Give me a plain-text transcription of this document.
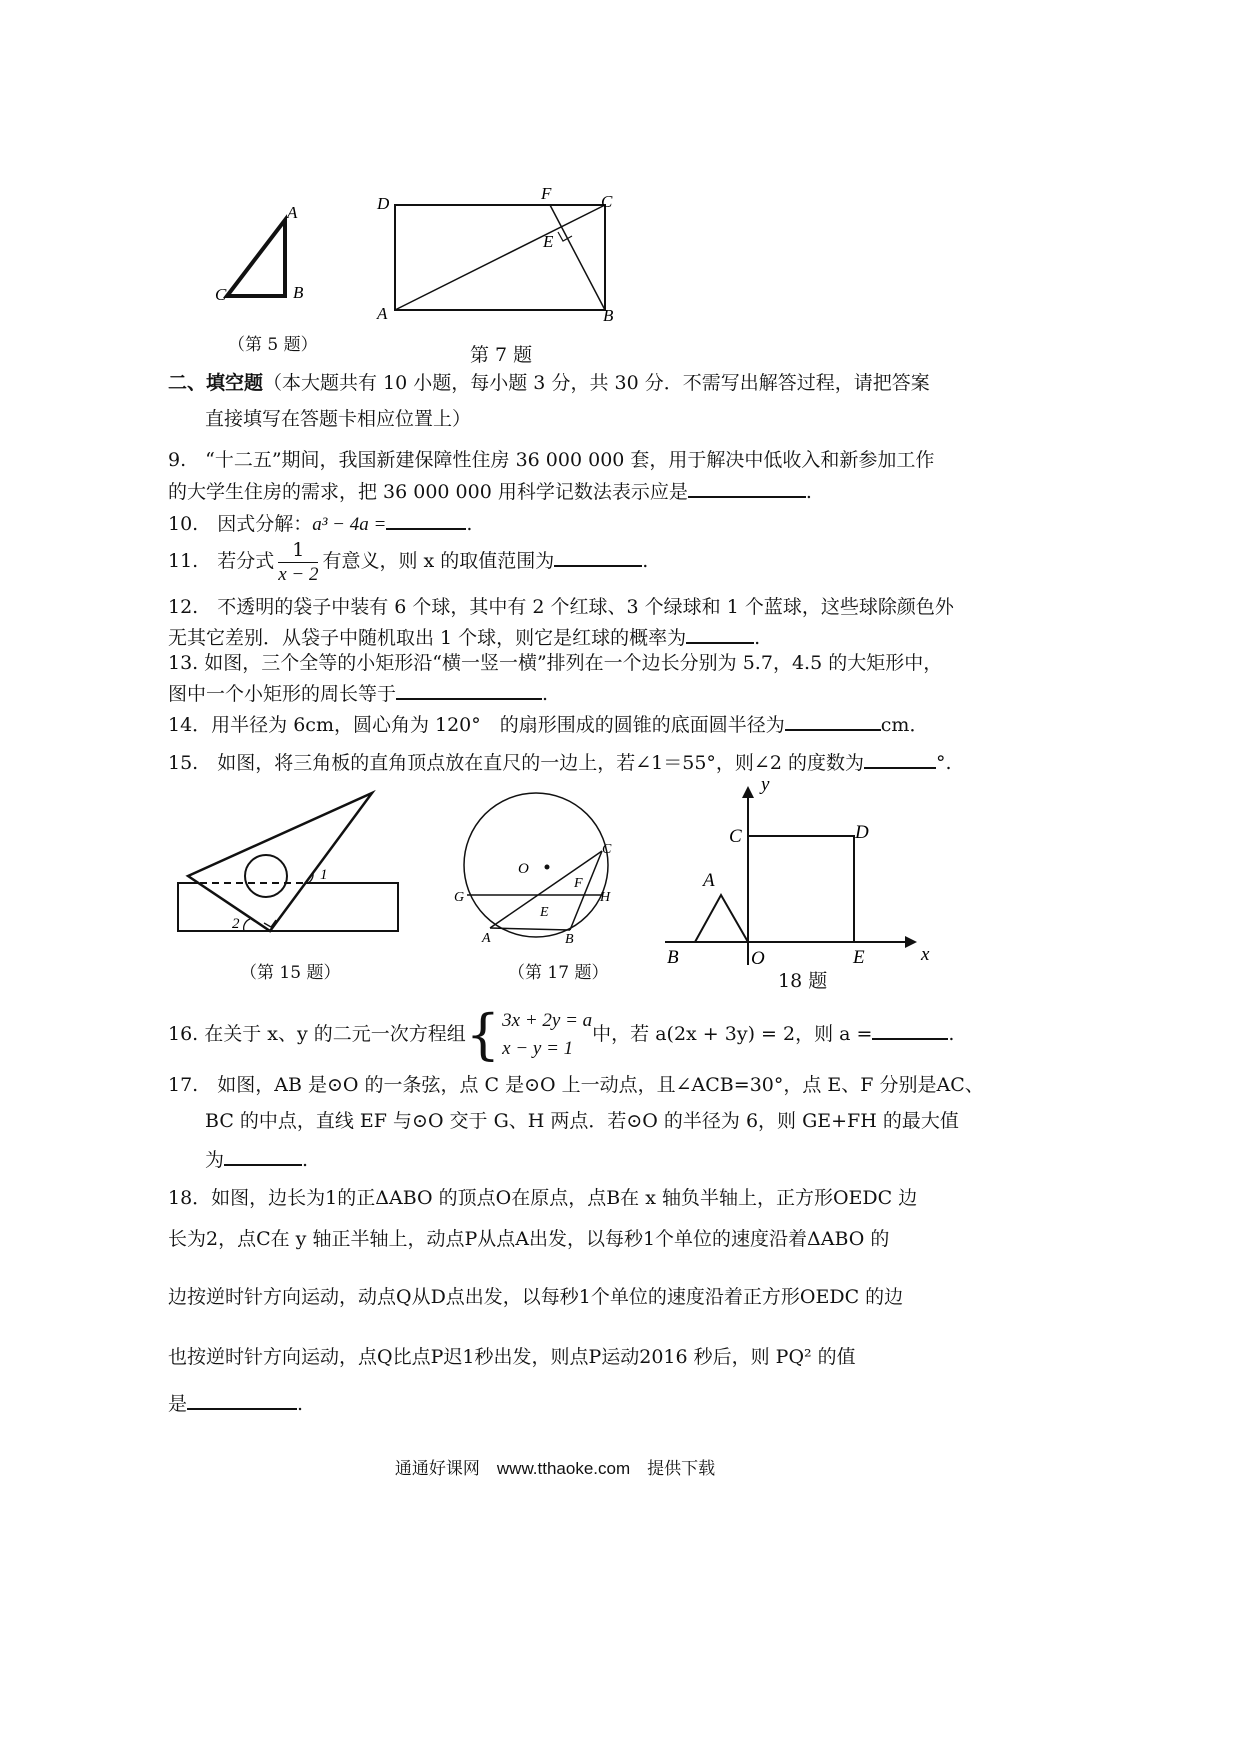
A
C	B
（第 5 题）
D
F	C
E
A	B
第 7 题
二、填空题（本大题共有 10 小题，每小题 3 分，共 30 分．不需写出解答过程，请把答案
直接填写在答题卡相应位置上）
9.　“十二五”期间，我国新建保障性住房 36 000 000 套，用于解决中低收入和新参加工作
的大学生住房的需求，把 36 000 000 用科学记数法表示应是	.
10.　因式分解：a³ − 4a =	.
11.　若分式 $\frac{1}{x - 2}$ 有意义，则 x 的取值范围为	.
12.　不透明的袋子中装有 6 个球，其中有 2 个红球、3 个绿球和 1 个蓝球，这些球除颜色外
无其它差别．从袋子中随机取出 1 个球，则它是红球的概率为	.
13. 如图，三个全等的小矩形沿“横一竖一横”排列在一个边长分别为 5.7，4.5 的大矩形中，
图中一个小矩形的周长等于	.
14．用半径为 6cm，圆心角为 120°　的扇形围成的圆锥的底面圆半径为	cm．
15.　如图，将三角板的直角顶点放在直尺的一边上，若∠1＝55°，则∠2 的度数为	°.
1
2
（第 15 题）
O
C
F
G	H
E
A	B
（第 17 题）
y
x
C	D
A
B	O	E
18 题
16. 在关于 x、y 的二元一次方程组{ 3x + 2y = a
x − y = 1
中，若 a(2x + 3y) = 2，则 a =	.
17.　如图，AB 是⊙O 的一条弦，点 C 是⊙O 上一动点，且∠ACB=30°，点 E、F 分别是AC、
BC 的中点，直线 EF 与⊙O 交于 G、H 两点．若⊙O 的半径为 6，则 GE+FH 的最大值
为	.
18．如图，边长为1的正ΔABO 的顶点O在原点，点B在 x 轴负半轴上，正方形OEDC 边
长为2，点C在 y 轴正半轴上，动点P从点A出发，以每秒1个单位的速度沿着ΔABO 的
边按逆时针方向运动，动点Q从D点出发，以每秒1个单位的速度沿着正方形OEDC 的边
也按逆时针方向运动，点Q比点P迟1秒出发，则点P运动2016 秒后，则 PQ² 的值
是	.
通通好课网　www.tthaoke.com　提供下载
